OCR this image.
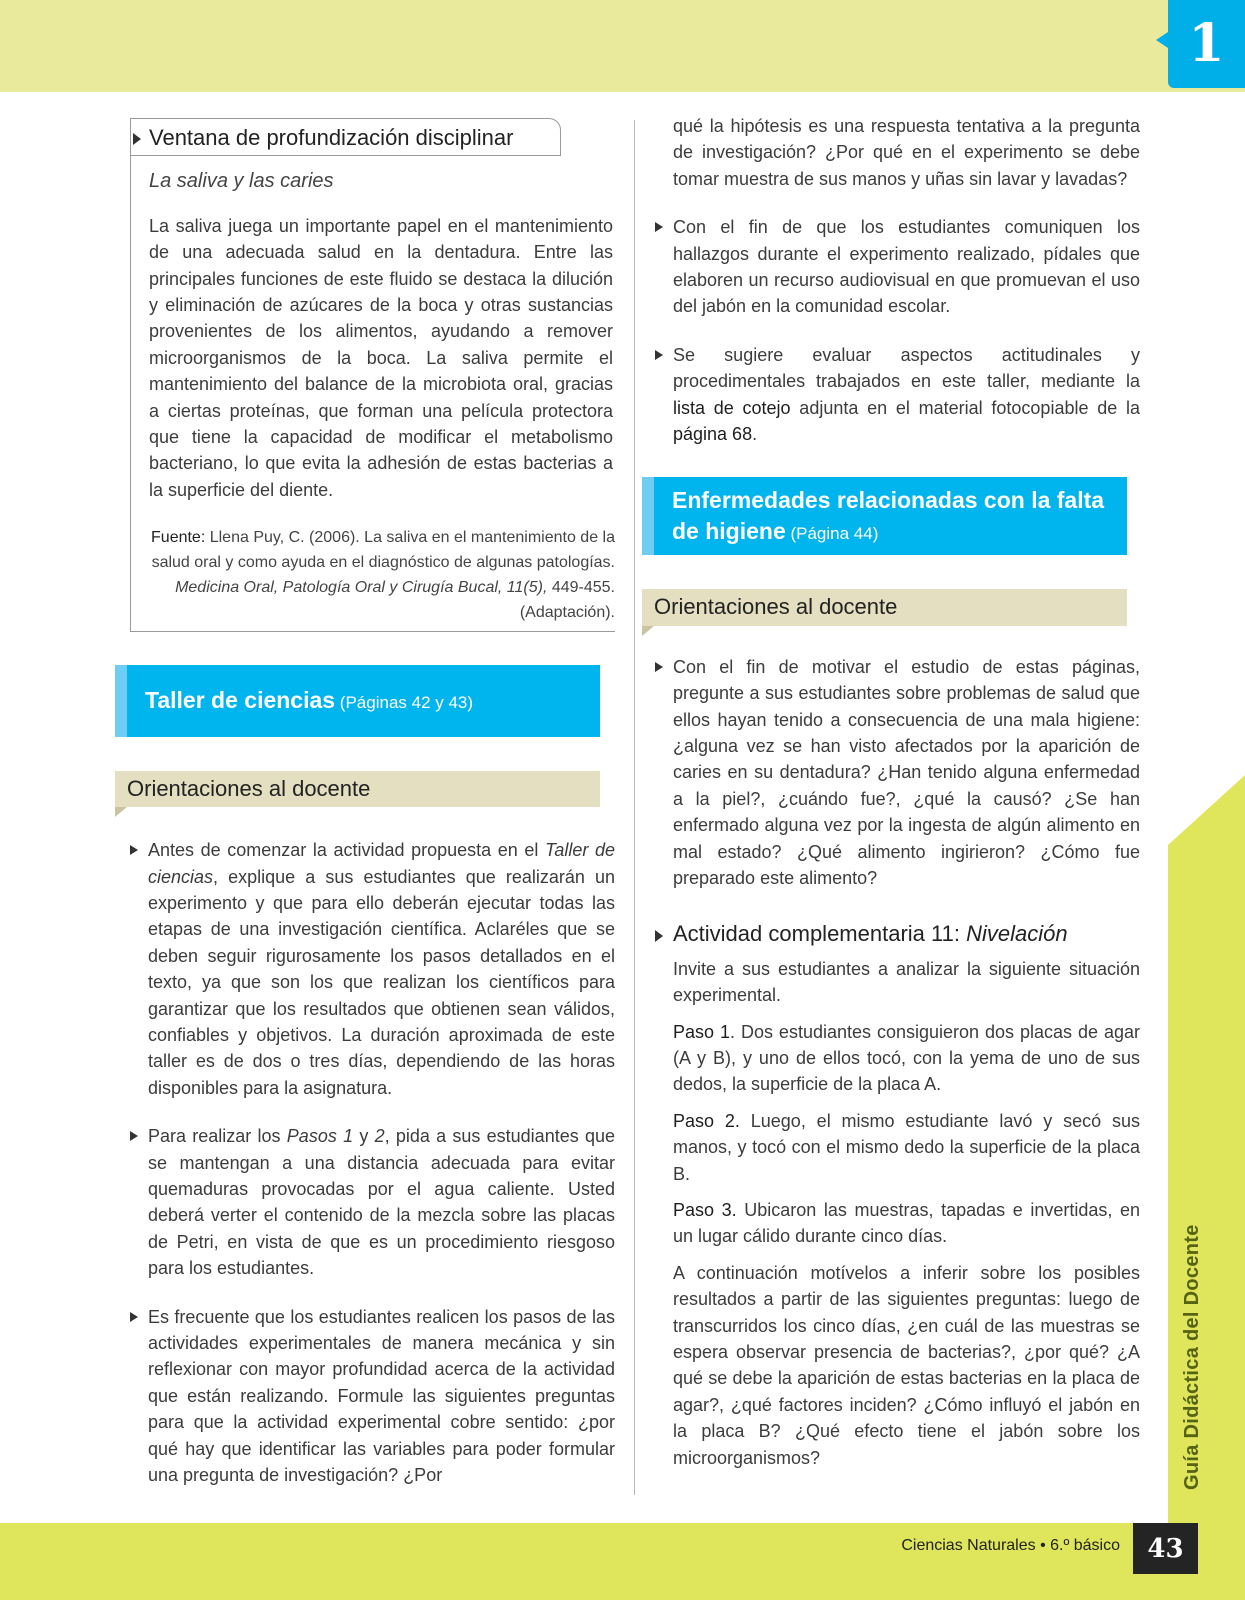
1
Guía Didáctica del Docente
Ciencias Naturales • 6.º básico 43
Ventana de profundización disciplinar
La saliva y las caries
La saliva juega un importante papel en el mantenimiento de una adecuada salud en la dentadura. Entre las principales funciones de este fluido se destaca la dilución y eliminación de azúcares de la boca y otras sustancias provenientes de los alimentos, ayudando a remover microorganismos de la boca. La saliva permite el mantenimiento del balance de la microbiota oral, gracias a ciertas proteínas, que forman una película protectora que tiene la capacidad de modificar el metabolismo bacteriano, lo que evita la adhesión de estas bacterias a la superficie del diente.
Fuente: Llena Puy, C. (2006). La saliva en el mantenimiento de la salud oral y como ayuda en el diagnóstico de algunas patologías. Medicina Oral, Patología Oral y Cirugía Bucal, 11(5), 449-455. (Adaptación).
Taller de ciencias (Páginas 42 y 43)
Orientaciones al docente
Antes de comenzar la actividad propuesta en el Taller de ciencias, explique a sus estudiantes que realizarán un experimento y que para ello deberán ejecutar todas las etapas de una investigación científica. Aclaréles que se deben seguir rigurosamente los pasos detallados en el texto, ya que son los que realizan los científicos para garantizar que los resultados que obtienen sean válidos, confiables y objetivos. La duración aproximada de este taller es de dos o tres días, dependiendo de las horas disponibles para la asignatura.
Para realizar los Pasos 1 y 2, pida a sus estudiantes que se mantengan a una distancia adecuada para evitar quemaduras provocadas por el agua caliente. Usted deberá verter el contenido de la mezcla sobre las placas de Petri, en vista de que es un procedimiento riesgoso para los estudiantes.
Es frecuente que los estudiantes realicen los pasos de las actividades experimentales de manera mecánica y sin reflexionar con mayor profundidad acerca de la actividad que están realizando. Formule las siguientes preguntas para que la actividad experimental cobre sentido: ¿por qué hay que identificar las variables para poder formular una pregunta de investigación? ¿Por
qué la hipótesis es una respuesta tentativa a la pregunta de investigación? ¿Por qué en el experimento se debe tomar muestra de sus manos y uñas sin lavar y lavadas?
Con el fin de que los estudiantes comuniquen los hallazgos durante el experimento realizado, pídales que elaboren un recurso audiovisual en que promuevan el uso del jabón en la comunidad escolar.
Se sugiere evaluar aspectos actitudinales y procedimentales trabajados en este taller, mediante la lista de cotejo adjunta en el material fotocopiable de la página 68.
Enfermedades relacionadas con la falta de higiene (Página 44)
Orientaciones al docente
Con el fin de motivar el estudio de estas páginas, pregunte a sus estudiantes sobre problemas de salud que ellos hayan tenido a consecuencia de una mala higiene: ¿alguna vez se han visto afectados por la aparición de caries en su dentadura? ¿Han tenido alguna enfermedad a la piel?, ¿cuándo fue?, ¿qué la causó? ¿Se han enfermado alguna vez por la ingesta de algún alimento en mal estado? ¿Qué alimento ingirieron? ¿Cómo fue preparado este alimento?
Actividad complementaria 11: Nivelación
Invite a sus estudiantes a analizar la siguiente situación experimental.
Paso 1. Dos estudiantes consiguieron dos placas de agar (A y B), y uno de ellos tocó, con la yema de uno de sus dedos, la superficie de la placa A.
Paso 2. Luego, el mismo estudiante lavó y secó sus manos, y tocó con el mismo dedo la superficie de la placa B.
Paso 3. Ubicaron las muestras, tapadas e invertidas, en un lugar cálido durante cinco días.
A continuación motívelos a inferir sobre los posibles resultados a partir de las siguientes preguntas: luego de transcurridos los cinco días, ¿en cuál de las muestras se espera observar presencia de bacterias?, ¿por qué? ¿A qué se debe la aparición de estas bacterias en la placa de agar?, ¿qué factores inciden? ¿Cómo influyó el jabón en la placa B? ¿Qué efecto tiene el jabón sobre los microorganismos?
